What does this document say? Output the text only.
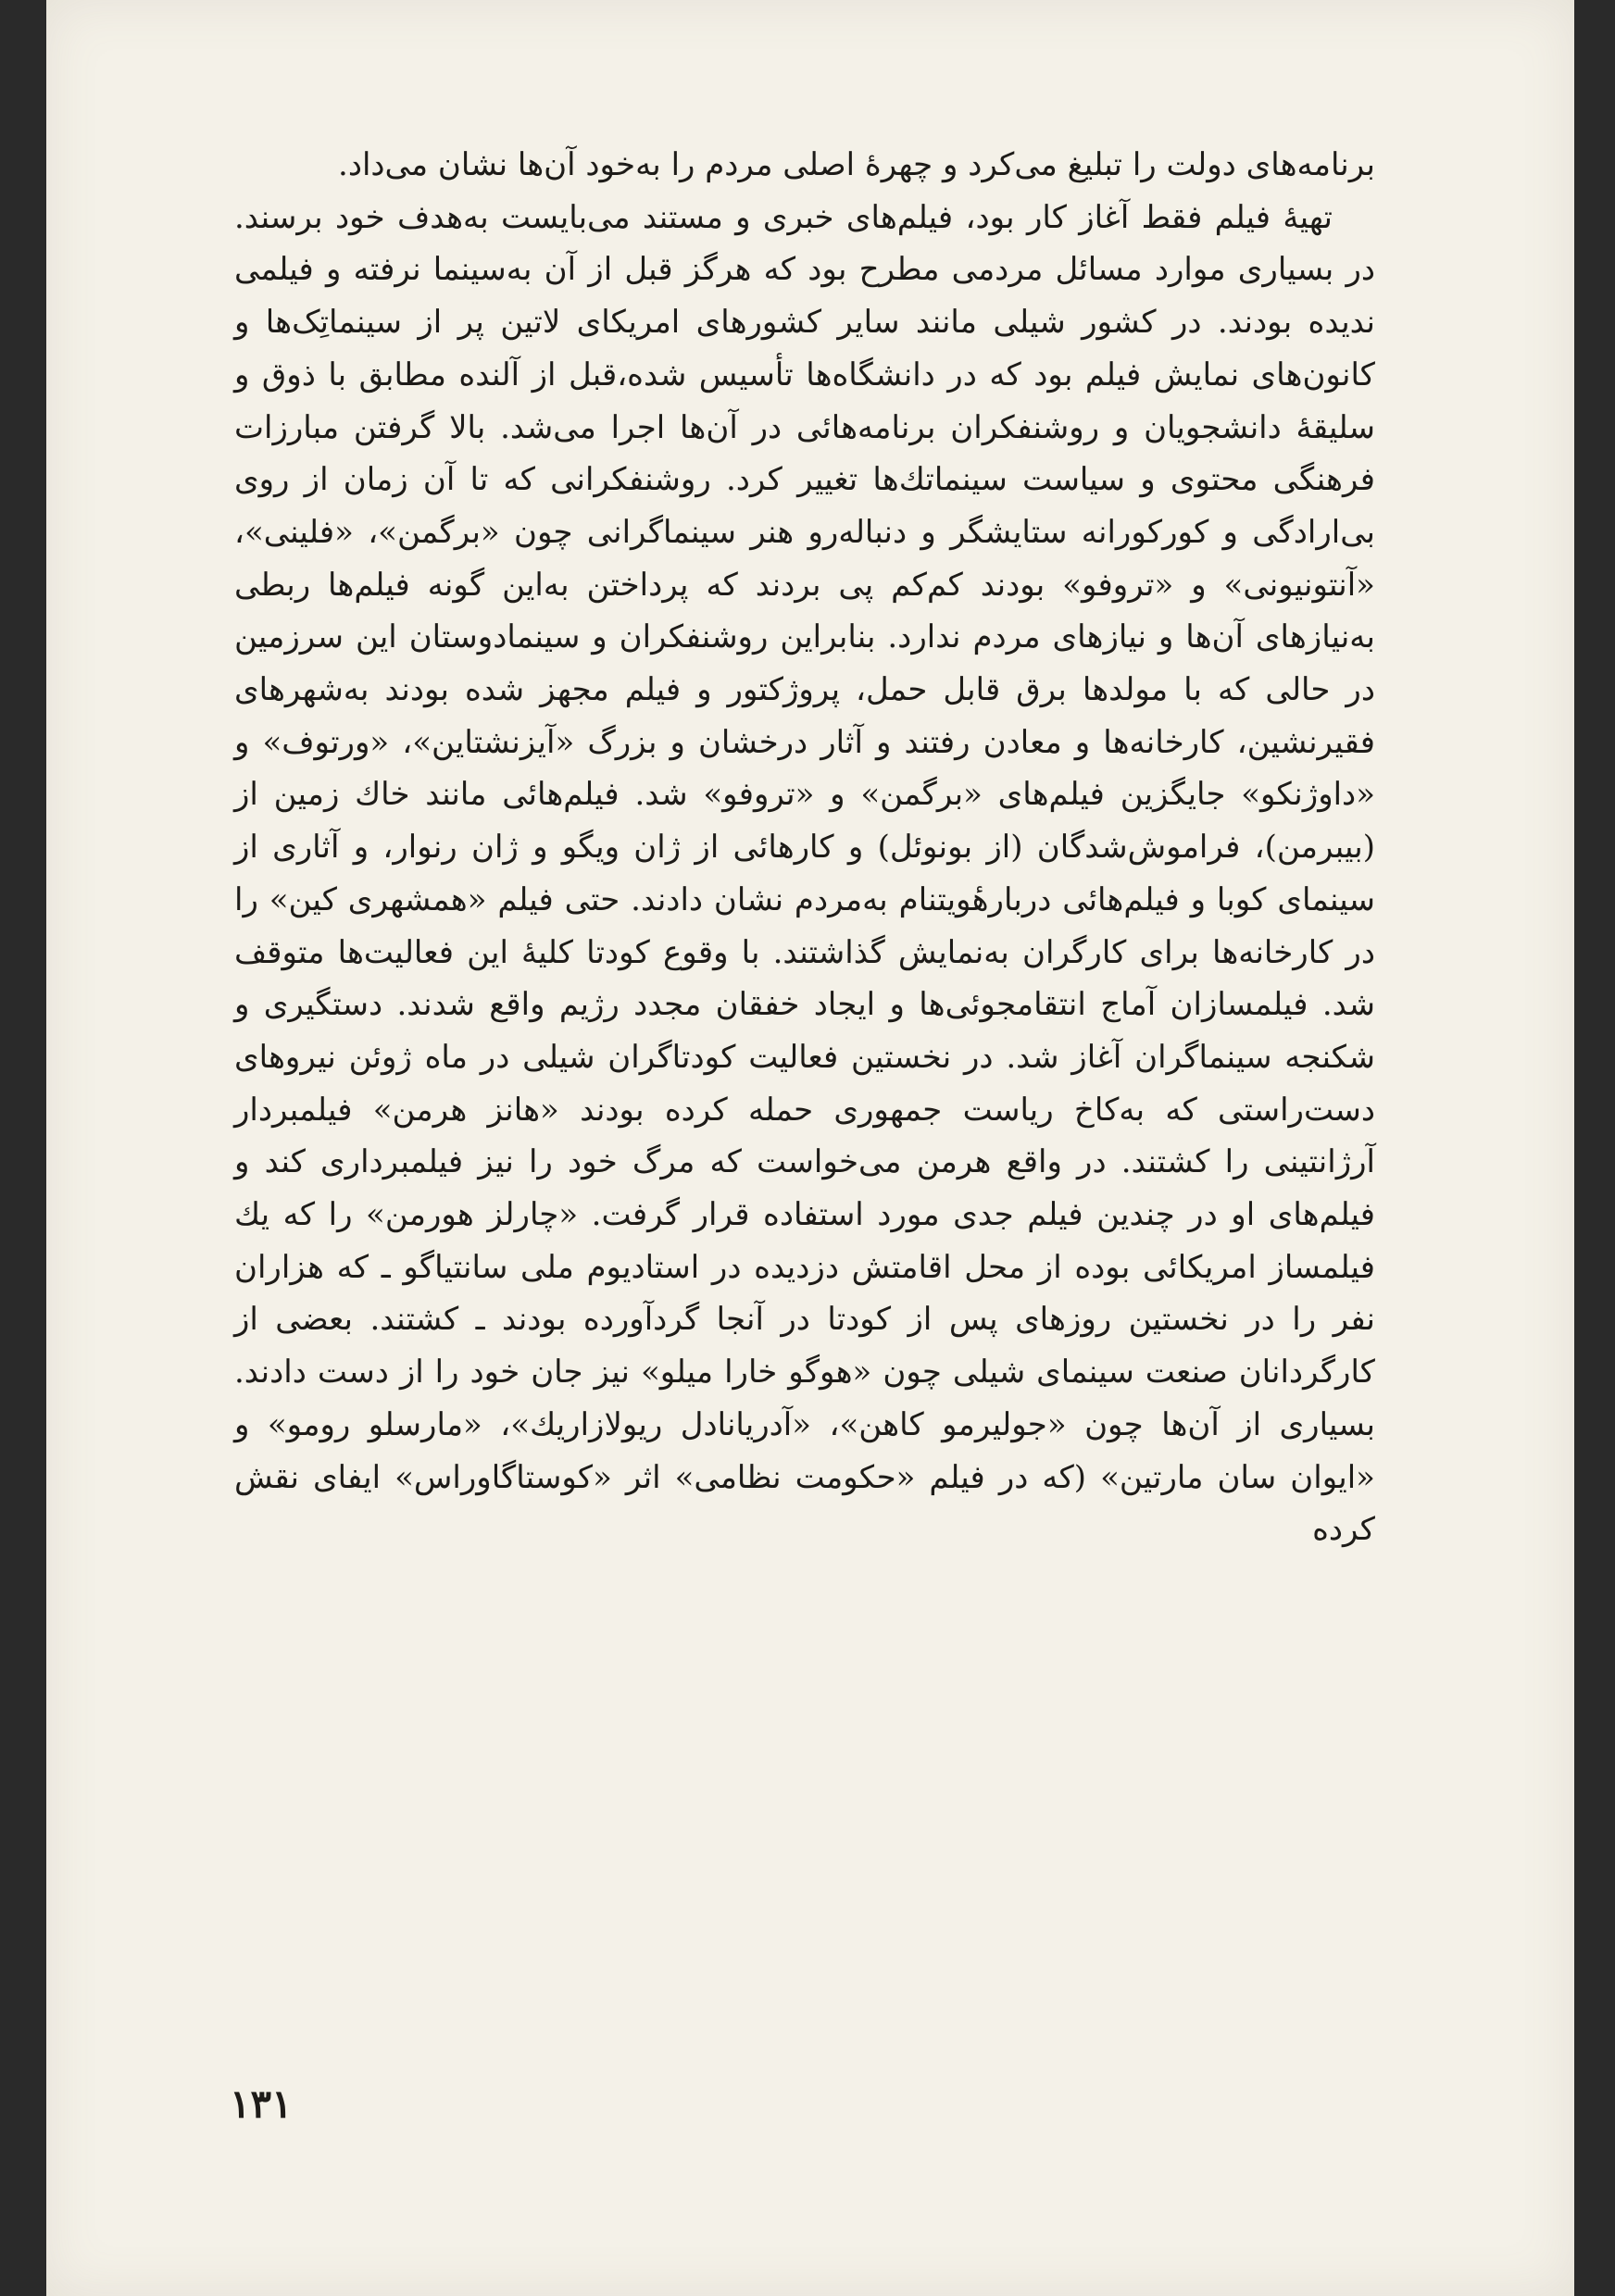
برنامه‌های دولت را تبلیغ می‌کرد و چهرهٔ اصلی مردم را به‌خود آن‌ها نشان می‌داد.

تهیهٔ فیلم فقط آغاز کار بود، فیلم‌های خبری و مستند می‌بایست به‌هدف خود برسند. در بسیاری موارد مسائل مردمی مطرح بود که هرگز قبل از آن به‌سینما نرفته و فیلمی ندیده بودند. در کشور شیلی مانند سایر کشورهای امریکای لاتین پر از سینماتِک‌ها و کانون‌های نمایش فیلم بود که در دانشگاه‌ها تأسیس شده،قبل از آلنده مطابق با ذوق و سلیقهٔ دانشجویان و روشنفکران برنامه‌هائی در آن‌ها اجرا می‌شد. بالا گرفتن مبارزات فرهنگی محتوی و سیاست سینماتك‌ها تغییر کرد. روشنفکرانی که تا آن زمان از روی بی‌ارادگی و کورکورانه ستایشگر و دنباله‌رو هنر سینماگرانی چون «برگمن»، «فلینی»، «آنتونیونی» و «تروفو» بودند کم‌کم پی بردند که پرداختن به‌این گونه فیلم‌ها ربطی به‌نیازهای آن‌ها و نیازهای مردم ندارد. بنابراین روشنفکران و سینمادوستان این سرزمین در حالی که با مولدها برق قابل حمل، پروژکتور و فیلم مجهز شده بودند به‌شهرهای فقیرنشین، کارخانه‌ها و معادن رفتند و آثار درخشان و بزرگ «آیزنشتاین»، «ورتوف» و «داوژنکو» جایگزین فیلم‌های «برگمن» و «تروفو» شد. فیلم‌هائی مانند خاك زمین از (بیبرمن)، فراموش‌شدگان (از بونوئل) و کارهائی از ژان ویگو و ژان رنوار، و آثاری از سینمای کوبا و فیلم‌هائی دربارهٔویتنام به‌مردم نشان دادند. حتی فیلم «همشهری کین» را در کارخانه‌ها برای کارگران به‌نمایش گذاشتند. با وقوع کودتا کلیهٔ این فعالیت‌ها متوقف شد. فیلمسازان آماج انتقامجوئی‌ها و ایجاد خفقان مجدد رژیم واقع شدند. دستگیری و شکنجه سینماگران آغاز شد. در نخستین فعالیت کودتاگران شیلی در ماه ژوئن نیروهای دست‌راستی که به‌کاخ ریاست جمهوری حمله کرده بودند «هانز هرمن» فیلمبردار آرژانتینی را کشتند. در واقع هرمن می‌خواست که مرگ خود را نیز فیلمبرداری کند و فیلم‌های او در چندین فیلم جدی مورد استفاده قرار گرفت. «چارلز هورمن» را که یك فیلمساز امریکائی بوده از محل اقامتش دزدیده در استادیوم ملی سانتیاگو ـ که هزاران نفر را در نخستین روزهای پس از کودتا در آنجا گردآورده بودند ـ کشتند. بعضی از کارگردانان صنعت سینمای شیلی چون «هوگو خارا میلو» نیز جان خود را از دست دادند. بسیاری از آن‌ها چون «جولیرمو کاهن»، «آدریانادل ریولازاریك»، «مارسلو رومو» و «ایوان سان مارتین» (که در فیلم «حکومت نظامی» اثر «کوستاگاوراس» ایفای نقش کرده

۱۳۱
